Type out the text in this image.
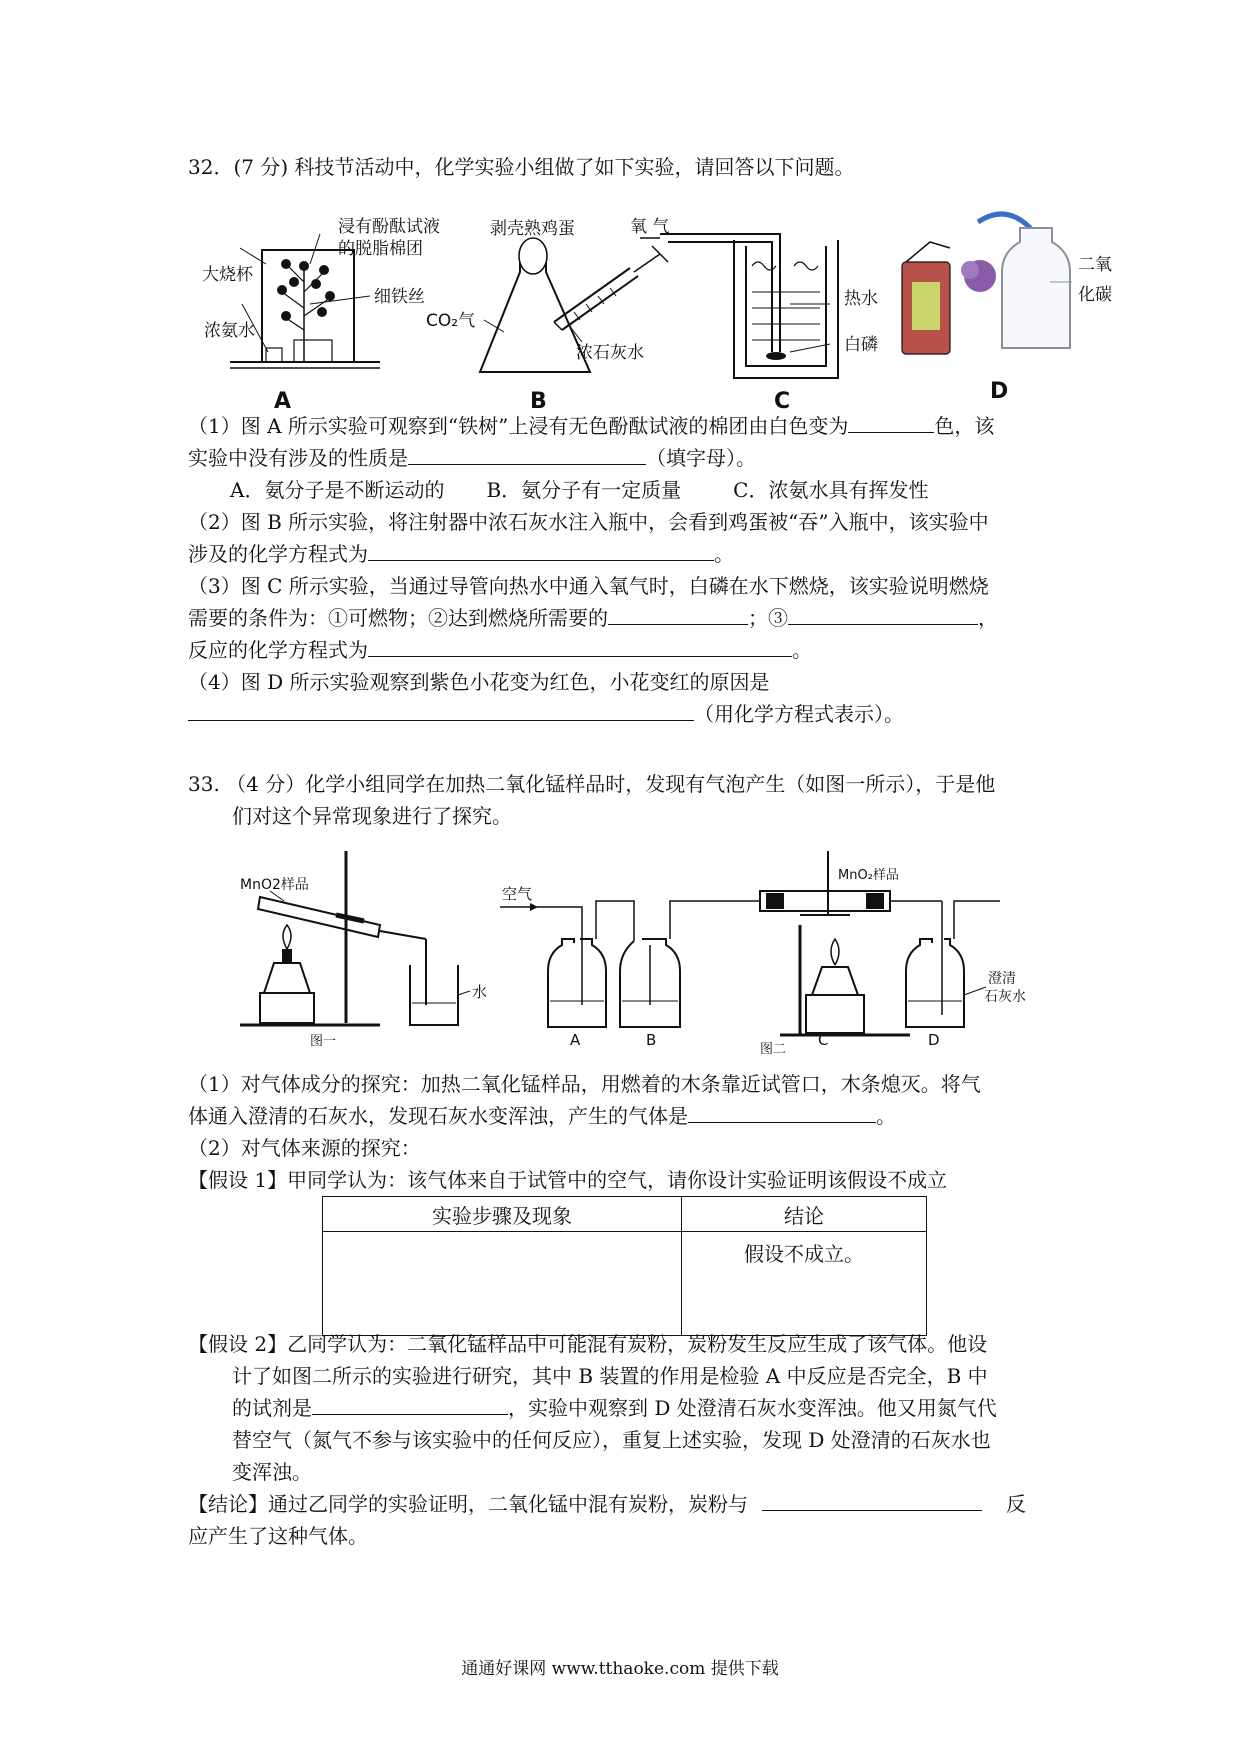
32．(7 分) 科技节活动中，化学实验小组做了如下实验，请回答以下问题。
大烧杯
浸有酚酞试液
的脱脂棉团
细铁丝
浓氨水
A
剥壳熟鸡蛋
CO₂气
浓石灰水
B
氧 气
热水
白磷
C
二氧
化碳
D
（1）图 A 所示实验可观察到“铁树”上浸有无色酚酞试液的棉团由白色变为	色，该
实验中没有涉及的性质是	（填字母）。
A．氨分子是不断运动的 B．氨分子有一定质量	C．浓氨水具有挥发性
（2）图 B 所示实验，将注射器中浓石灰水注入瓶中，会看到鸡蛋被“吞”入瓶中，该实验中
涉及的化学方程式为	。
（3）图 C 所示实验，当通过导管向热水中通入氧气时，白磷在水下燃烧，该实验说明燃烧
需要的条件为：①可燃物；②达到燃烧所需要的	；③	，
反应的化学方程式为	。
（4）图 D 所示实验观察到紫色小花变为红色，小花变红的原因是
（用化学方程式表示）。
33. （4 分）化学小组同学在加热二氧化锰样品时，发现有气泡产生（如图一所示），于是他
们对这个异常现象进行了探究。
MnO2样品
水
图一
空气
MnO₂样品
澄清
石灰水
A	B	C	D
图二
（1）对气体成分的探究：加热二氧化锰样品，用燃着的木条靠近试管口，木条熄灭。将气
体通入澄清的石灰水，发现石灰水变浑浊，产生的气体是	。
（2）对气体来源的探究：
【假设 1】甲同学认为：该气体来自于试管中的空气，请你设计实验证明该假设不成立
实验步骤及现象	结论
	假设不成立。
【假设 2】乙同学认为：二氧化锰样品中可能混有炭粉，炭粉发生反应生成了该气体。他设
计了如图二所示的实验进行研究，其中 B 装置的作用是检验 A 中反应是否完全，B 中
的试剂是	，实验中观察到 D 处澄清石灰水变浑浊。他又用氮气代
替空气（氮气不参与该实验中的任何反应），重复上述实验，发现 D 处澄清的石灰水也
变浑浊。
【结论】通过乙同学的实验证明，二氧化锰中混有炭粉，炭粉与	反
应产生了这种气体。
通通好课网 www.tthaoke.com 提供下载
